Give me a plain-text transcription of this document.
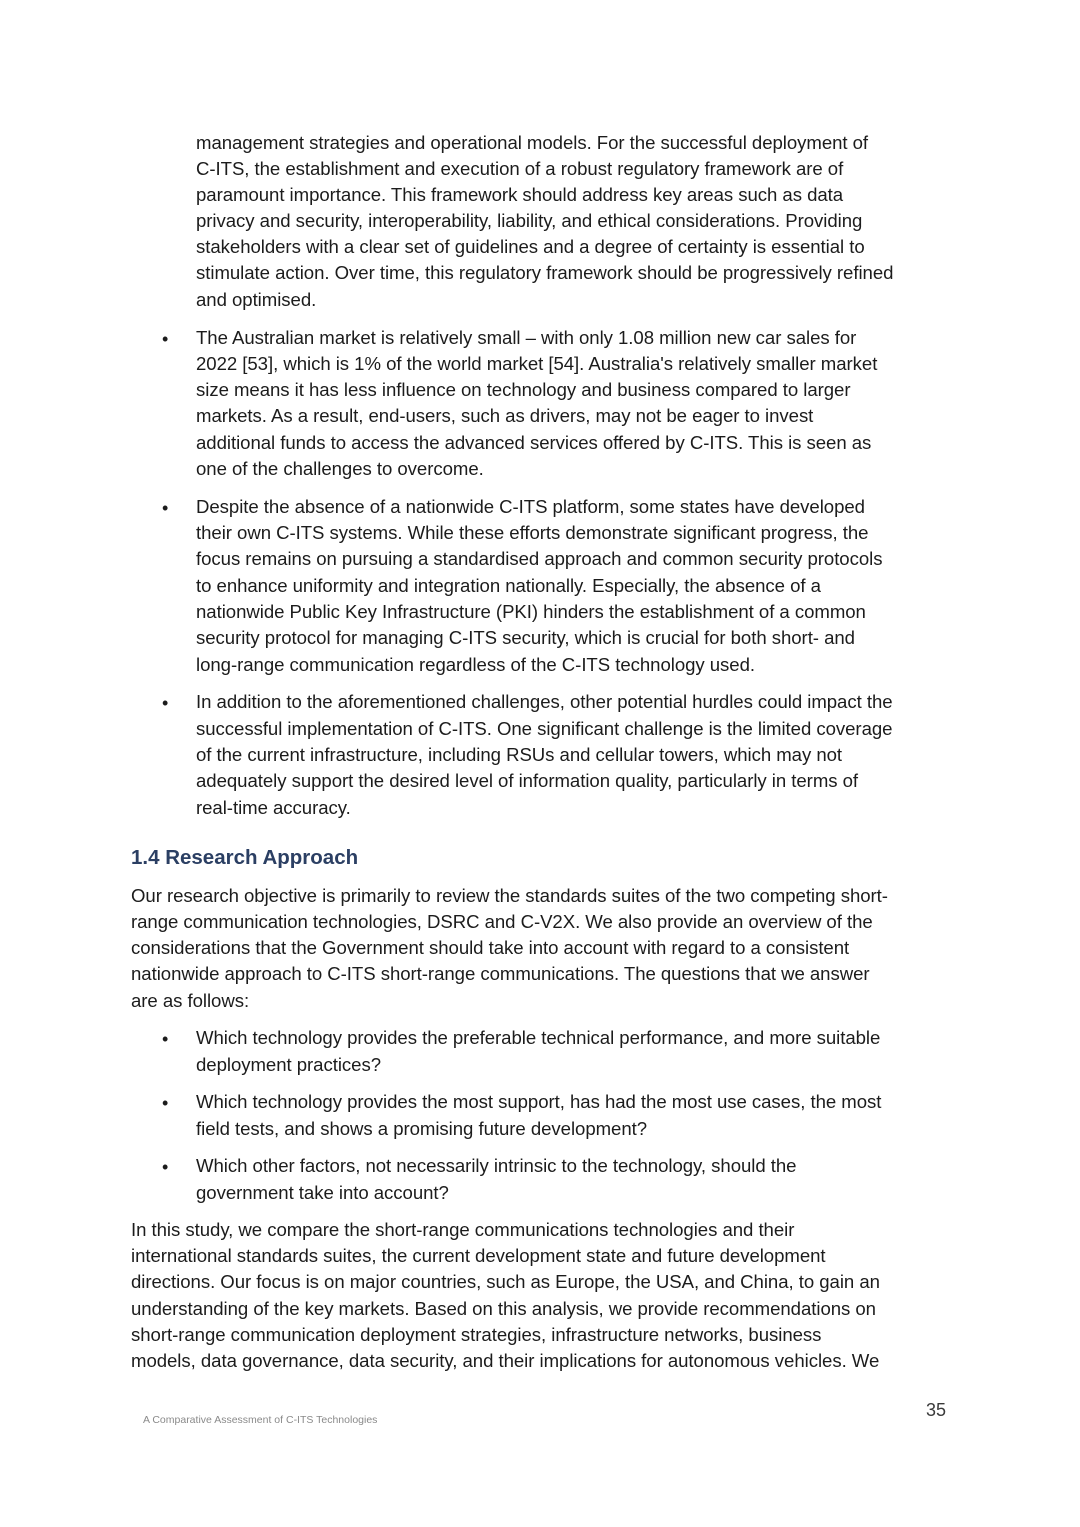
management strategies and operational models. For the successful deployment of
C-ITS, the establishment and execution of a robust regulatory framework are of
paramount importance. This framework should address key areas such as data
privacy and security, interoperability, liability, and ethical considerations. Providing
stakeholders with a clear set of guidelines and a degree of certainty is essential to
stimulate action. Over time, this regulatory framework should be progressively refined
and optimised.
• The Australian market is relatively small – with only 1.08 million new car sales for
2022 [53], which is 1% of the world market [54]. Australia's relatively smaller market
size means it has less influence on technology and business compared to larger
markets. As a result, end-users, such as drivers, may not be eager to invest
additional funds to access the advanced services offered by C-ITS. This is seen as
one of the challenges to overcome.
• Despite the absence of a nationwide C-ITS platform, some states have developed
their own C-ITS systems. While these efforts demonstrate significant progress, the
focus remains on pursuing a standardised approach and common security protocols
to enhance uniformity and integration nationally. Especially, the absence of a
nationwide Public Key Infrastructure (PKI) hinders the establishment of a common
security protocol for managing C-ITS security, which is crucial for both short- and
long-range communication regardless of the C-ITS technology used.
• In addition to the aforementioned challenges, other potential hurdles could impact the
successful implementation of C-ITS. One significant challenge is the limited coverage
of the current infrastructure, including RSUs and cellular towers, which may not
adequately support the desired level of information quality, particularly in terms of
real-time accuracy.
1.4 Research Approach
Our research objective is primarily to review the standards suites of the two competing short-
range communication technologies, DSRC and C-V2X. We also provide an overview of the
considerations that the Government should take into account with regard to a consistent
nationwide approach to C-ITS short-range communications. The questions that we answer
are as follows:
• Which technology provides the preferable technical performance, and more suitable
deployment practices?
• Which technology provides the most support, has had the most use cases, the most
field tests, and shows a promising future development?
• Which other factors, not necessarily intrinsic to the technology, should the
government take into account?
In this study, we compare the short-range communications technologies and their
international standards suites, the current development state and future development
directions. Our focus is on major countries, such as Europe, the USA, and China, to gain an
understanding of the key markets. Based on this analysis, we provide recommendations on
short-range communication deployment strategies, infrastructure networks, business
models, data governance, data security, and their implications for autonomous vehicles. We
A Comparative Assessment of C-ITS Technologies	35
